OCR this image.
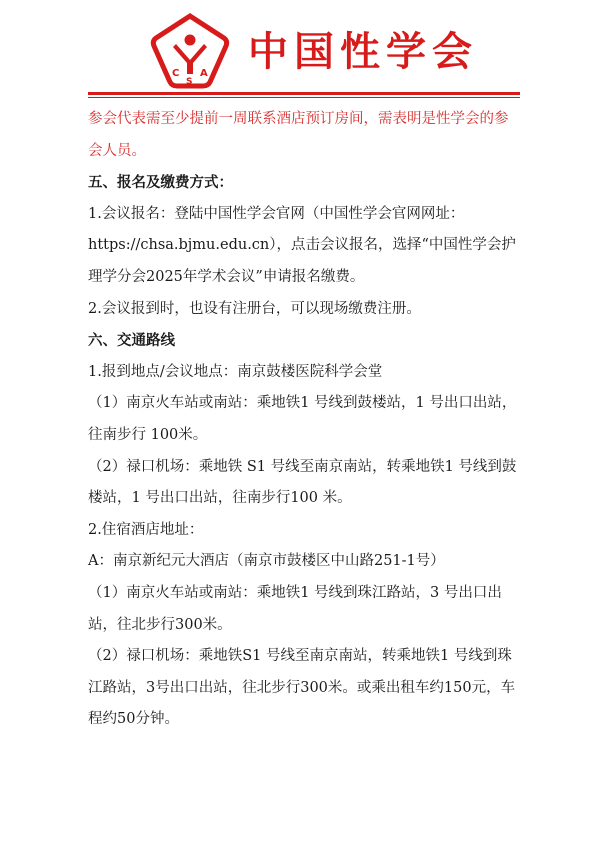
C
S
A 中国性学会

参会代表需至少提前一周联系酒店预订房间，需表明是性学会的参会人员。

五、报名及缴费方式：

1.会议报名：登陆中国性学会官网（中国性学会官网网址：https://chsa.bjmu.edu.cn），点击会议报名，选择“中国性学会护理学分会2025年学术会议”申请报名缴费。

2.会议报到时，也设有注册台，可以现场缴费注册。

六、交通路线

1.报到地点/会议地点：南京鼓楼医院科学会堂

（1）南京火车站或南站：乘地铁1 号线到鼓楼站，1 号出口出站，往南步行 100米。

（2）禄口机场：乘地铁 S1 号线至南京南站，转乘地铁1 号线到鼓楼站，1 号出口出站，往南步行100 米。

2.住宿酒店地址：

A：南京新纪元大酒店（南京市鼓楼区中山路251-1号）

（1）南京火车站或南站：乘地铁1 号线到珠江路站，3 号出口出站，往北步行300米。

（2）禄口机场：乘地铁S1 号线至南京南站，转乘地铁1 号线到珠江路站，3号出口出站，往北步行300米。或乘出租车约150元，车程约50分钟。
